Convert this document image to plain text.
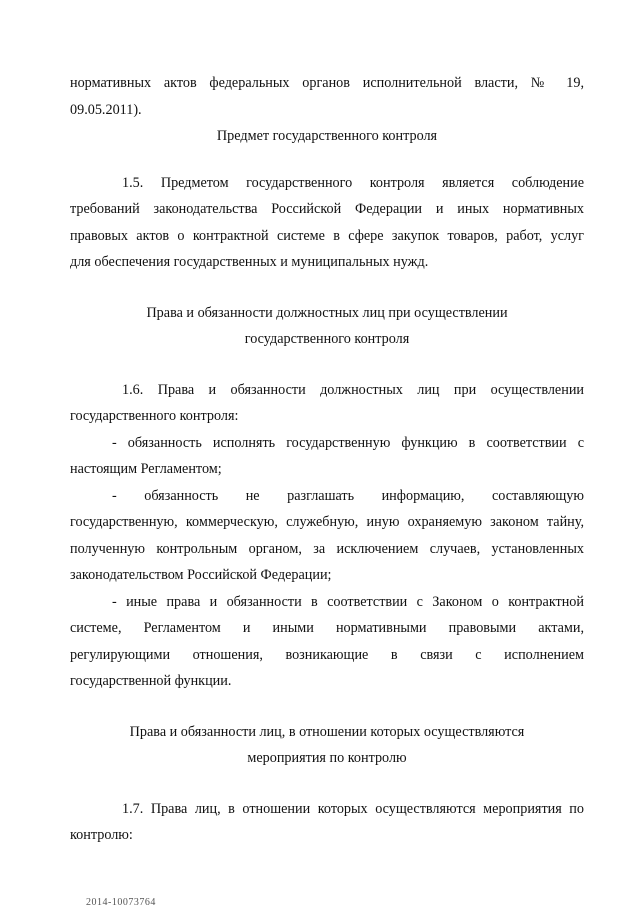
нормативных актов федеральных органов исполнительной власти, № 19,
09.05.2011).
Предмет государственного контроля
1.5. Предметом государственного контроля является соблюдение
требований законодательства Российской Федерации и иных нормативных
правовых актов о контрактной системе в сфере закупок товаров, работ, услуг
для обеспечения государственных и муниципальных нужд.
Права и обязанности должностных лиц при осуществлении
государственного контроля
1.6. Права и обязанности должностных лиц при осуществлении
государственного контроля:
- обязанность исполнять государственную функцию в соответствии с
настоящим Регламентом;
- обязанность не разглашать информацию, составляющую
государственную, коммерческую, служебную, иную охраняемую законом тайну,
полученную контрольным органом, за исключением случаев, установленных
законодательством Российской Федерации;
- иные права и обязанности в соответствии с Законом о контрактной
системе, Регламентом и иными нормативными правовыми актами,
регулирующими отношения, возникающие в связи с исполнением
государственной функции.
Права и обязанности лиц, в отношении которых осуществляются
мероприятия по контролю
1.7. Права лиц, в отношении которых осуществляются мероприятия по
контролю:
2014-10073764
